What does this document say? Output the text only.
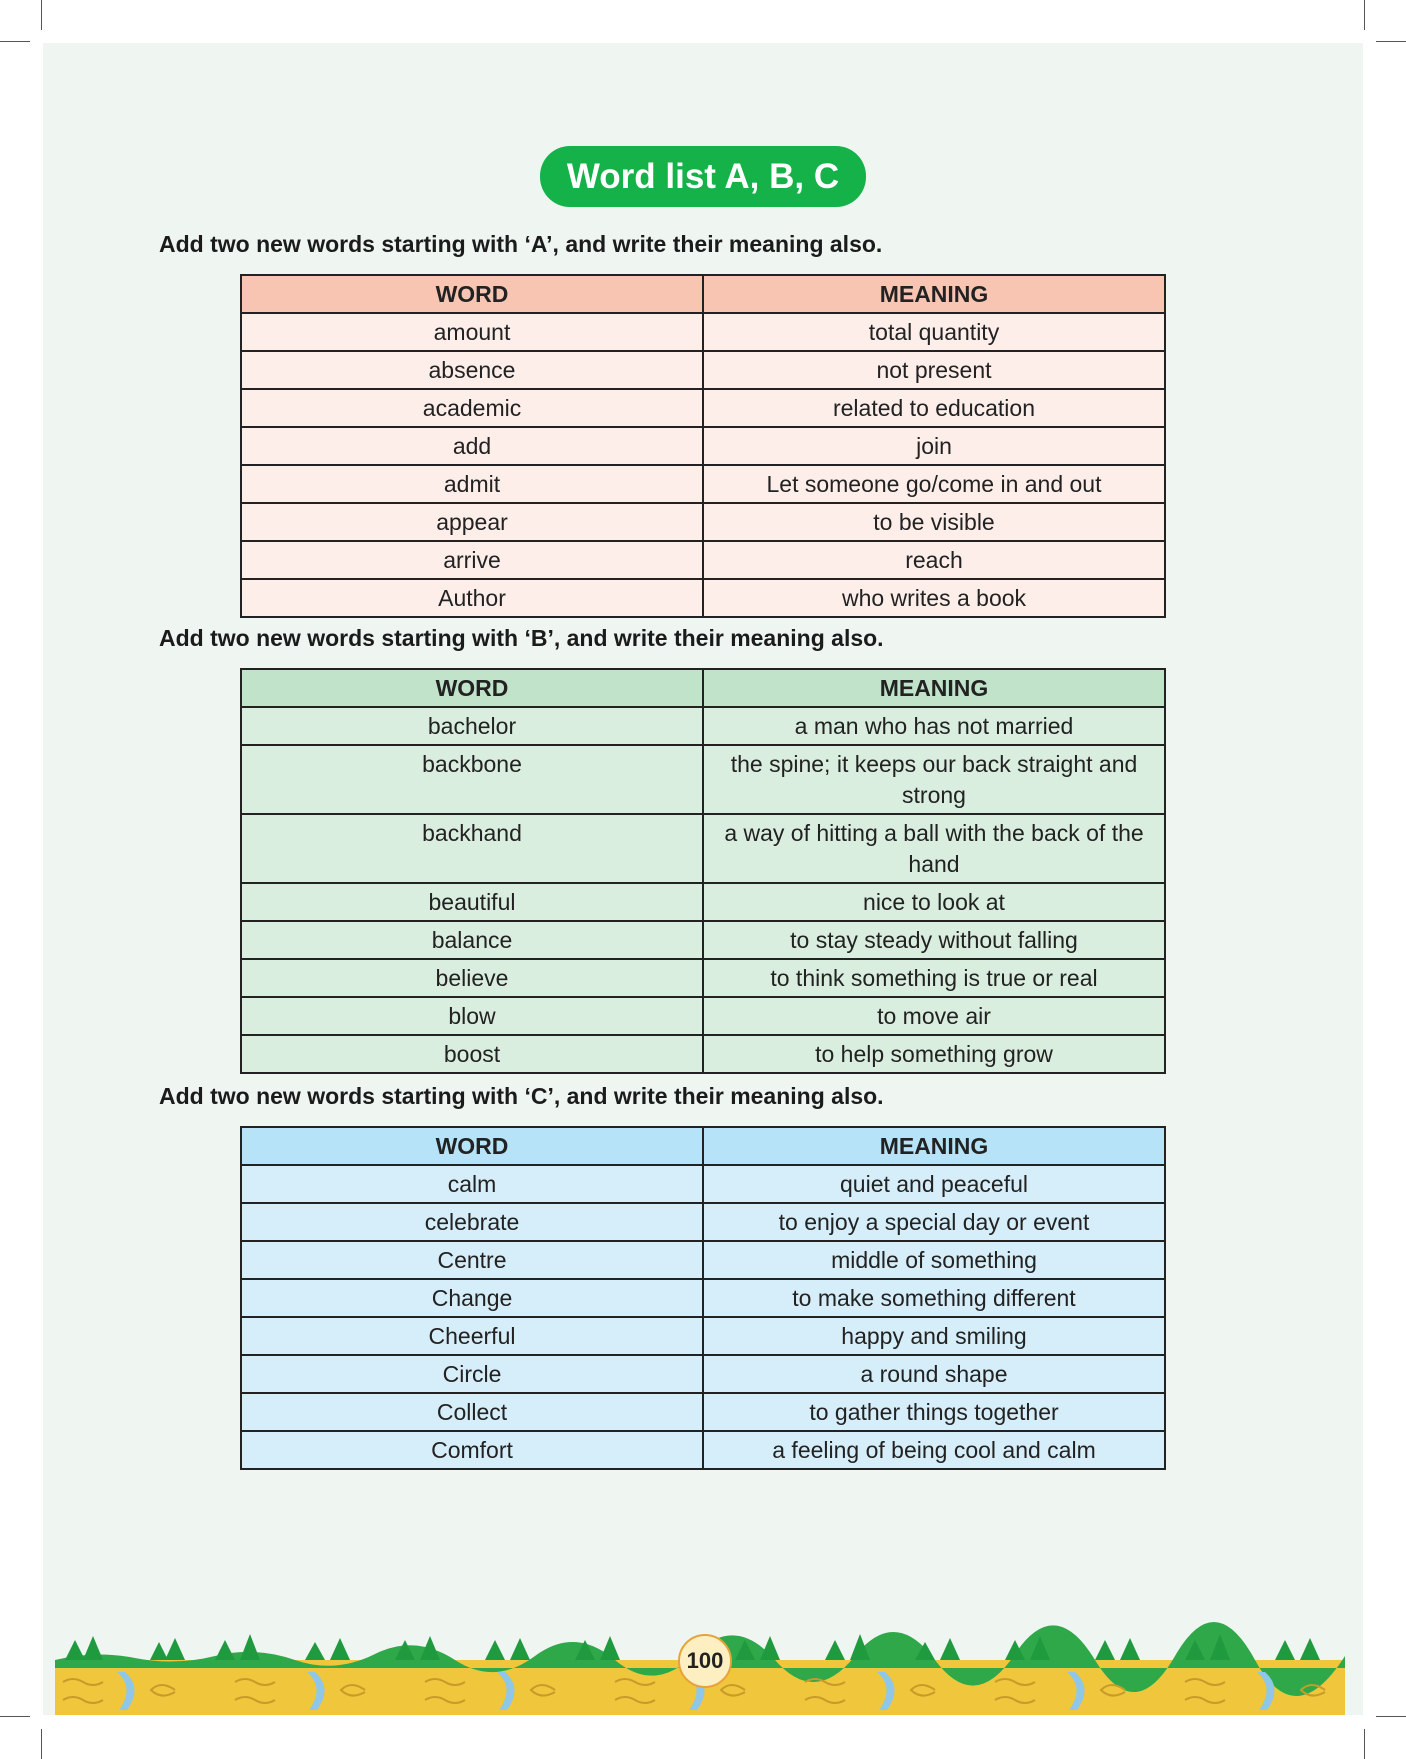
Word list A, B, C
Add two new words starting with ‘A’, and write their meaning also.
WORD	MEANING
amount	total quantity
absence	not present
academic	related to education
add	join
admit	Let someone go/come in and out
appear	to be visible
arrive	reach
Author	who writes a book
Add two new words starting with ‘B’, and write their meaning also.
WORD	MEANING
bachelor	a man who has not married
backbone	the spine; it keeps our back straight and strong
backhand	a way of hitting a ball with the back of the hand
beautiful	nice to look at
balance	to stay steady without falling
believe	to think something is true or real
blow	to move air
boost	to help something grow
Add two new words starting with ‘C’, and write their meaning also.
WORD	MEANING
calm	quiet and peaceful
celebrate	to enjoy a special day or event
Centre	middle of something
Change	to make something different
Cheerful	happy and smiling
Circle	a round shape
Collect	to gather things together
Comfort	a feeling of being cool and calm
100
